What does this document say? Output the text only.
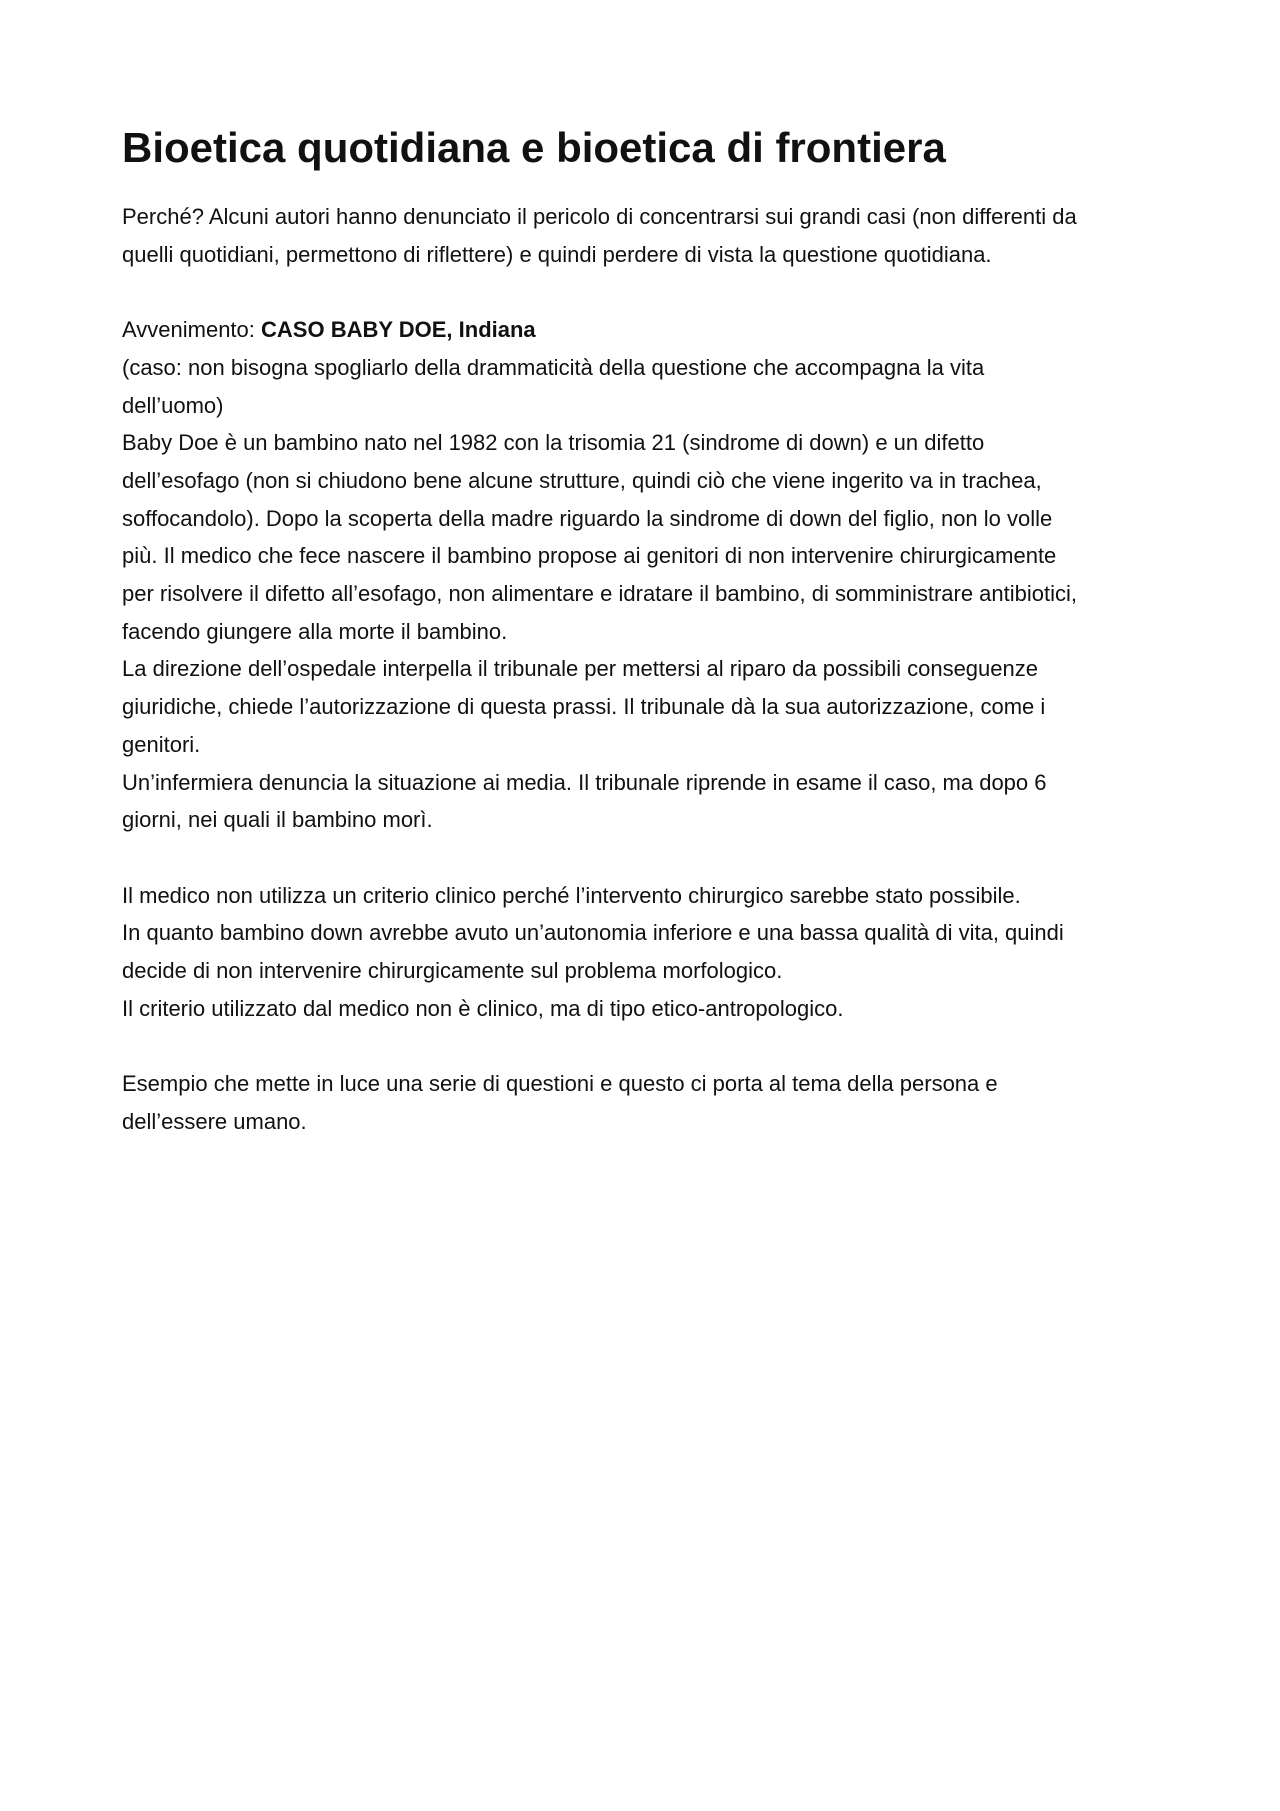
Bioetica quotidiana e bioetica di frontiera

Perché? Alcuni autori hanno denunciato il pericolo di concentrarsi sui grandi casi (non differenti da

quelli quotidiani, permettono di riflettere) e quindi perdere di vista la questione quotidiana.

Avvenimento: CASO BABY DOE, Indiana

(caso: non bisogna spogliarlo della drammaticità della questione che accompagna la vita

dell’uomo)

Baby Doe è un bambino nato nel 1982 con la trisomia 21 (sindrome di down) e un difetto

dell’esofago (non si chiudono bene alcune strutture, quindi ciò che viene ingerito va in trachea,

soffocandolo). Dopo la scoperta della madre riguardo la sindrome di down del figlio, non lo volle

più. Il medico che fece nascere il bambino propose ai genitori di non intervenire chirurgicamente

per risolvere il difetto all’esofago, non alimentare e idratare il bambino, di somministrare antibiotici,

facendo giungere alla morte il bambino.

La direzione dell’ospedale interpella il tribunale per mettersi al riparo da possibili conseguenze

giuridiche, chiede l’autorizzazione di questa prassi. Il tribunale dà la sua autorizzazione, come i

genitori.

Un’infermiera denuncia la situazione ai media. Il tribunale riprende in esame il caso, ma dopo 6

giorni, nei quali il bambino morì.

Il medico non utilizza un criterio clinico perché l’intervento chirurgico sarebbe stato possibile.

In quanto bambino down avrebbe avuto un’autonomia inferiore e una bassa qualità di vita, quindi

decide di non intervenire chirurgicamente sul problema morfologico.

Il criterio utilizzato dal medico non è clinico, ma di tipo etico-antropologico.

Esempio che mette in luce una serie di questioni e questo ci porta al tema della persona e

dell’essere umano.
